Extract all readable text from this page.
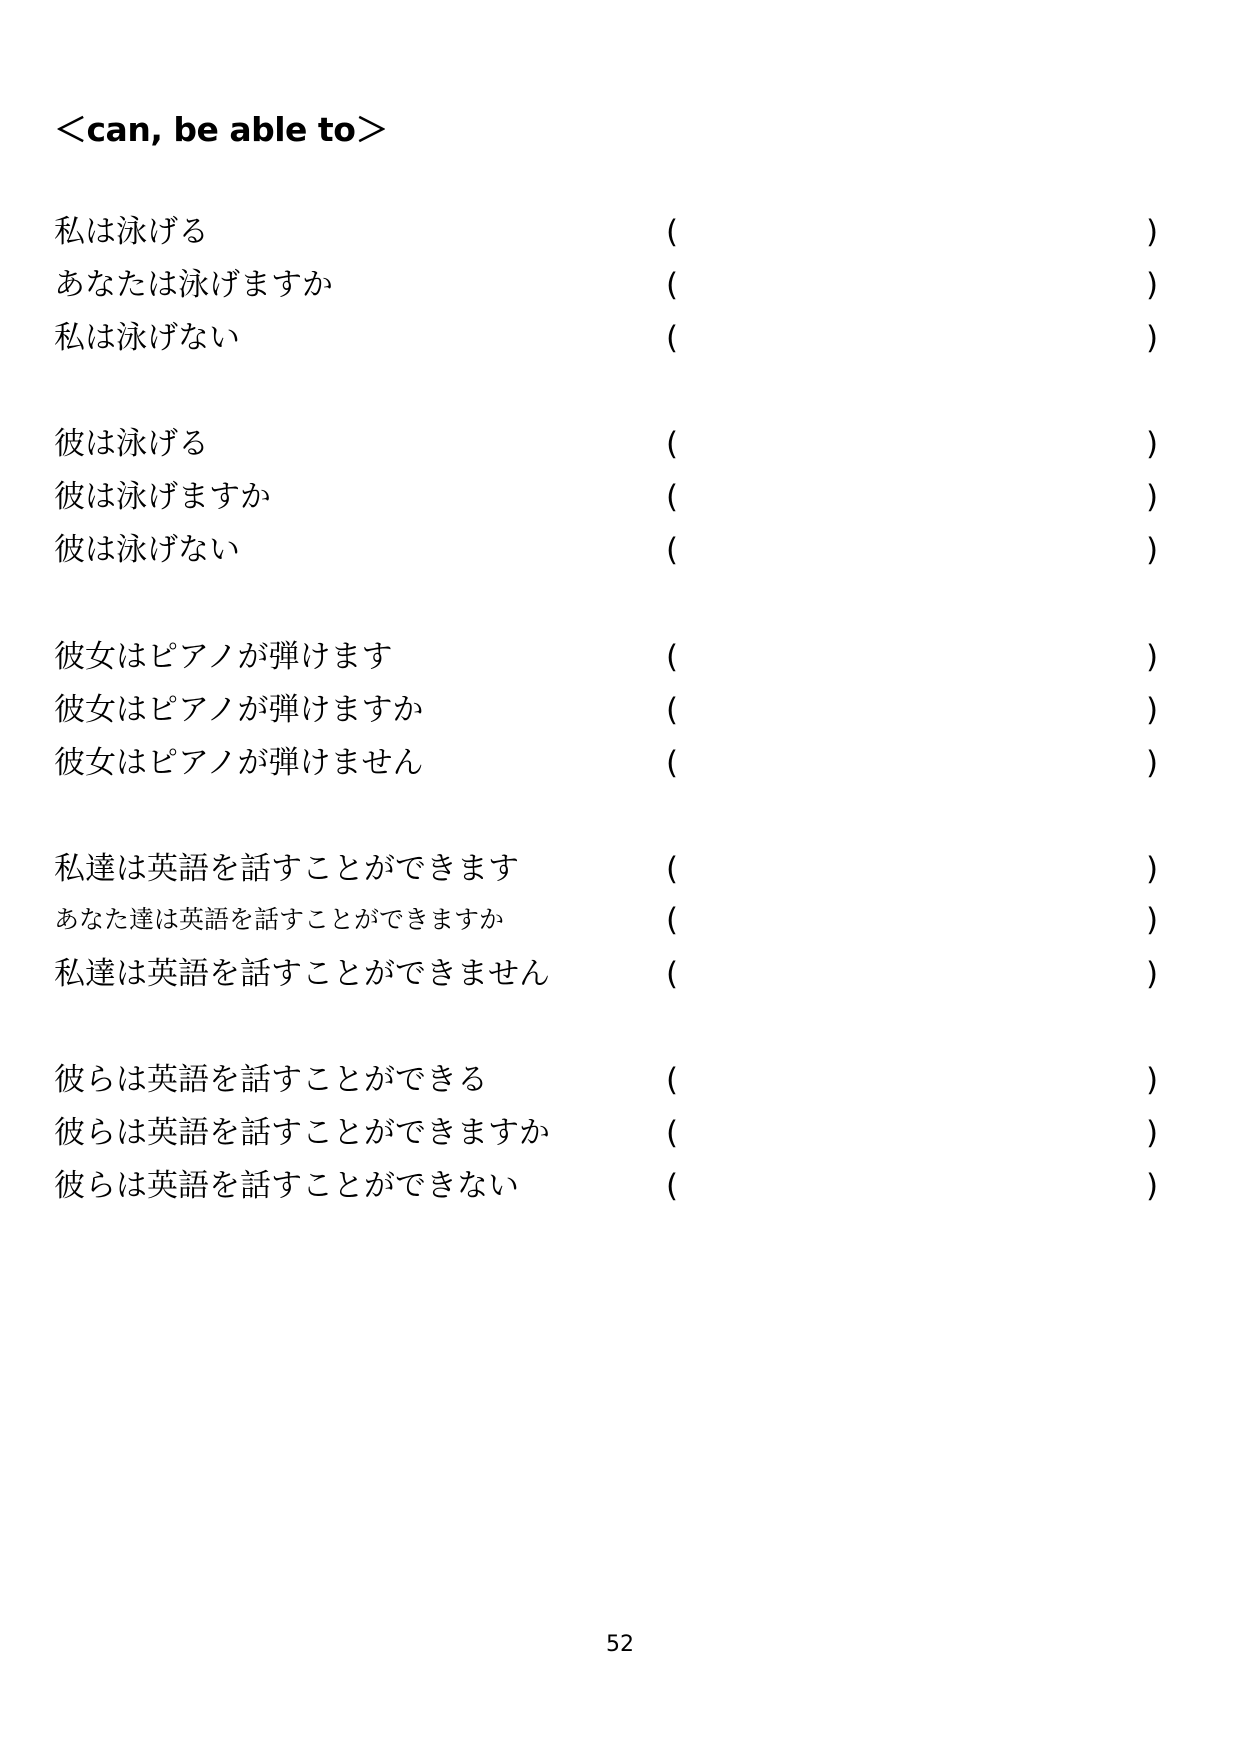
＜can, be able to＞
私は泳げる	(	)
あなたは泳げますか	(	)
私は泳げない	(	)
彼は泳げる	(	)
彼は泳げますか	(	)
彼は泳げない	(	)
彼女はピアノが弾けます	(	)
彼女はピアノが弾けますか	(	)
彼女はピアノが弾けません	(	)
私達は英語を話すことができます	(	)
あなた達は英語を話すことができますか	(	)
私達は英語を話すことができません	(	)
彼らは英語を話すことができる	(	)
彼らは英語を話すことができますか	(	)
彼らは英語を話すことができない	(	)
52
